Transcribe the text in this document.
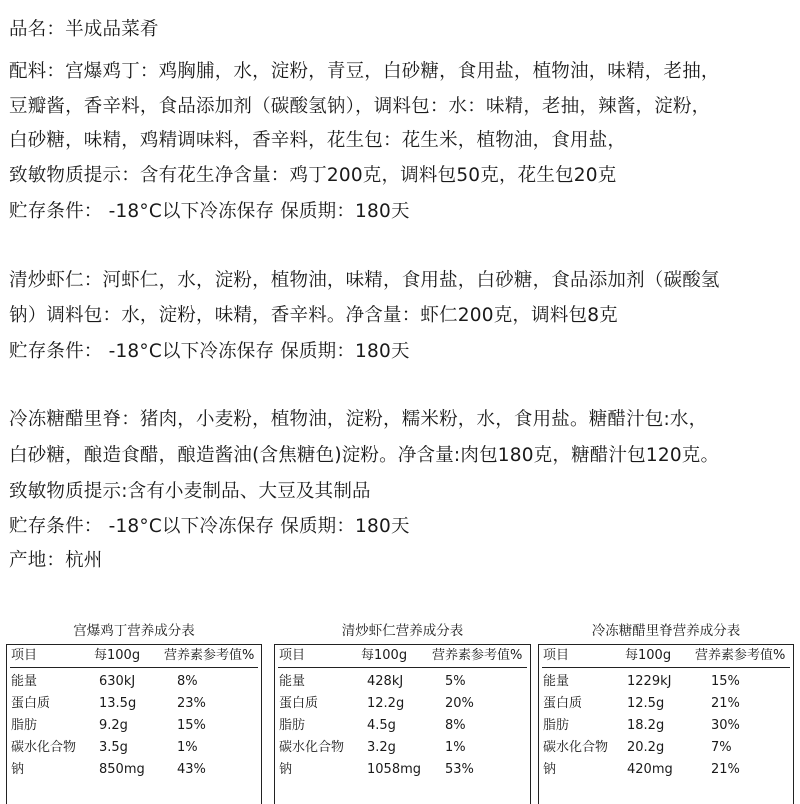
品名：半成品菜肴
配料：宫爆鸡丁：鸡胸脯，水，淀粉，青豆，白砂糖，食用盐，植物油，味精，老抽，
豆瓣酱，香辛料，食品添加剂（碳酸氢钠），调料包：水：味精，老抽，辣酱，淀粉，
白砂糖，味精，鸡精调味料，香辛料，花生包：花生米，植物油，食用盐，
致敏物质提示：含有花生净含量：鸡丁200克，调料包50克，花生包20克
贮存条件： -18°C以下冷冻保存 保质期：180天
清炒虾仁：河虾仁，水，淀粉，植物油，味精，食用盐，白砂糖，食品添加剂（碳酸氢
钠）调料包：水，淀粉，味精，香辛料。净含量：虾仁200克，调料包8克
贮存条件： -18°C以下冷冻保存 保质期：180天
冷冻糖醋里脊：猪肉，小麦粉，植物油，淀粉，糯米粉，水，食用盐。糖醋汁包:水，
白砂糖，酿造食醋，酿造酱油(含焦糖色)淀粉。净含量:肉包180克，糖醋汁包120克。
致敏物质提示:含有小麦制品、大豆及其制品
贮存条件： -18°C以下冷冻保存 保质期：180天
产地：杭州
宫爆鸡丁营养成分表
项目	每100g 营养素参考值%
能量	630kJ	8%
蛋白质	13.5g	23%
脂肪	9.2g	15%
碳水化合物 3.5g	1%
钠	850mg 43%
清炒虾仁营养成分表
项目	每100g 营养素参考值%
能量	428kJ	5%
蛋白质	12.2g	20%
脂肪	4.5g	8%
碳水化合物 3.2g	1%
钠	1058mg 53%
冷冻糖醋里脊营养成分表
项目	每100g 营养素参考值%
能量	1229kJ	15%
蛋白质	12.5g	21%
脂肪	18.2g	30%
碳水化合物 20.2g	7%
钠	420mg	21%
